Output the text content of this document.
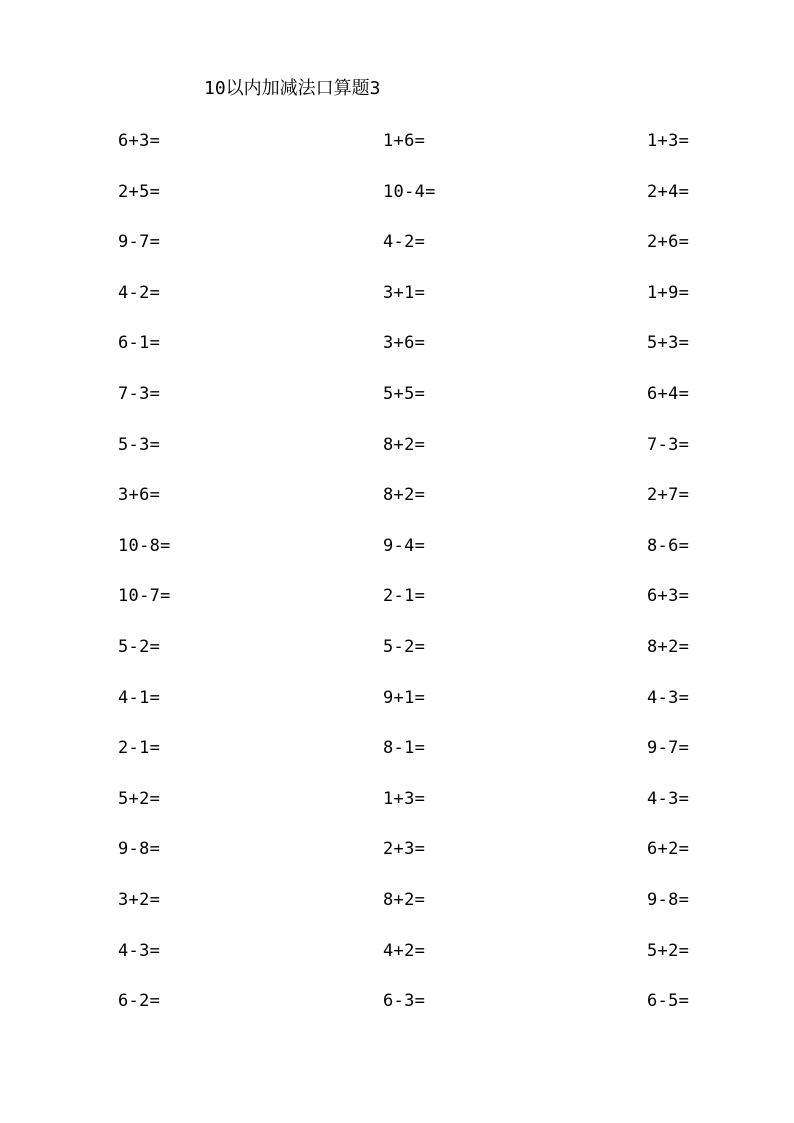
10以内加减法口算题3
6+3=
2+5=
9-7=
4-2=
6-1=
7-3=
5-3=
3+6=
10-8=
10-7=
5-2=
4-1=
2-1=
5+2=
9-8=
3+2=
4-3=
6-2=
1+6=
10-4=
4-2=
3+1=
3+6=
5+5=
8+2=
8+2=
9-4=
2-1=
5-2=
9+1=
8-1=
1+3=
2+3=
8+2=
4+2=
6-3=
1+3=
2+4=
2+6=
1+9=
5+3=
6+4=
7-3=
2+7=
8-6=
6+3=
8+2=
4-3=
9-7=
4-3=
6+2=
9-8=
5+2=
6-5=
